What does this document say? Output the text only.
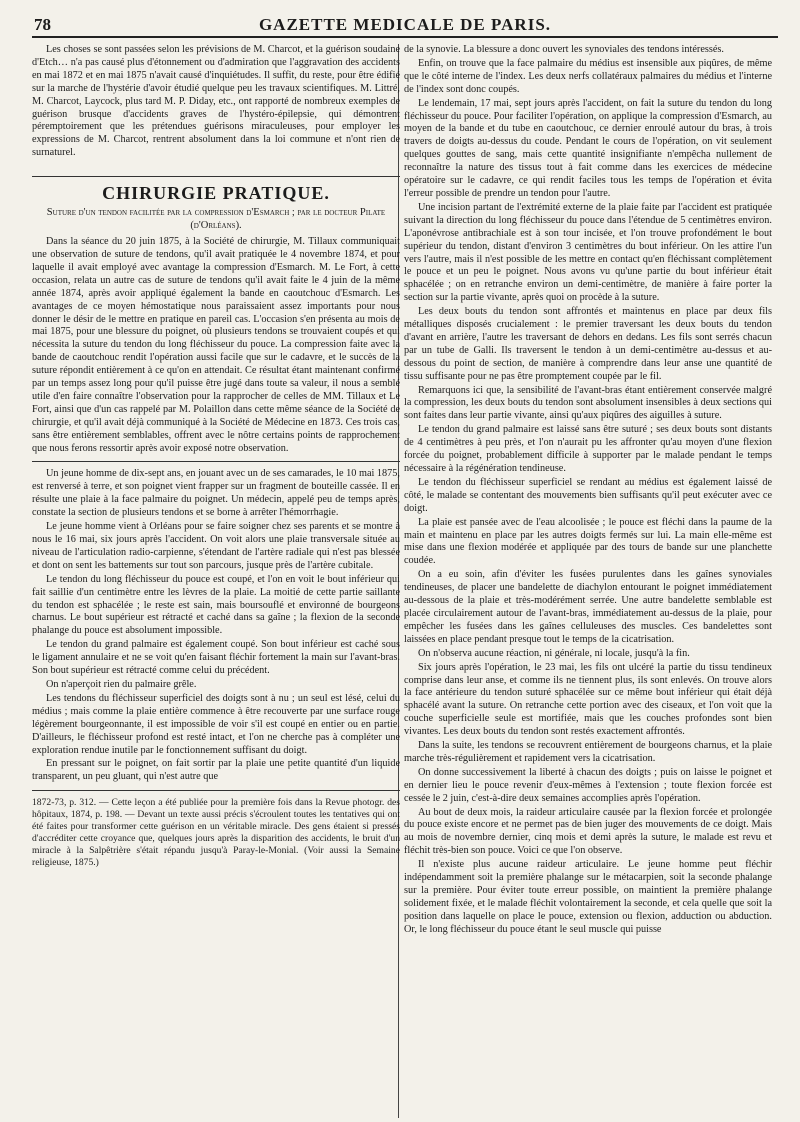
78	GAZETTE MEDICALE DE PARIS.

Les choses se sont passées selon les prévisions de M. Charcot, et la guérison soudaine d'Etch… n'a pas causé plus d'étonnement ou d'admiration que l'aggravation des accidents en mai 1872 et en mai 1875 n'avait causé d'inquiétudes. Il suffit, du reste, pour être édifié sur la marche de l'hystérie d'avoir étudié quelque peu les travaux scientifiques. M. Littré, M. Charcot, Laycock, plus tard M. P. Diday, etc., ont rapporté de nombreux exemples de guérison brusque d'accidents graves de l'hystéro-épilepsie, qui démontrent péremptoirement que les prétendues guérisons miraculeuses, pour employer les expressions de M. Charcot, rentrent absolument dans la loi commune et n'ont rien de surnaturel.

CHIRURGIE PRATIQUE.
Suture d'un tendon facilitée par la compression d'Esmarch ; par le docteur Pilate (d'Orléans).

Dans la séance du 20 juin 1875, à la Société de chirurgie, M. Tillaux communiquait une observation de suture de tendons, qu'il avait pratiquée le 4 novembre 1874, et pour laquelle il avait employé avec avantage la compression d'Esmarch. M. Le Fort, à cette occasion, relata un autre cas de suture de tendons qu'il avait faite le 4 juin de la même année 1874, après avoir appliqué également la bande en caoutchouc d'Esmarch. Les avantages de ce moyen hémostatique nous paraissaient assez importants pour nous donner le désir de le mettre en pratique en pareil cas. L'occasion s'en présenta au mois de mai 1875, pour une blessure du poignet, où plusieurs tendons se trouvaient coupés et qui nécessita la suture du tendon du long fléchisseur du pouce. La compression faite avec la bande de caoutchouc rendit l'opération aussi facile que sur le cadavre, et le succès de la suture répondit entièrement à ce qu'on en attendait. Ce résultat étant maintenant confirmé par un temps assez long pour qu'il puisse être jugé dans toute sa valeur, il nous a semblé utile d'en faire connaître l'observation pour la rapprocher de celles de MM. Tillaux et Le Fort, ainsi que d'un cas rappelé par M. Polaillon dans cette même séance de la Société de chirurgie, et qu'il avait déjà communiqué à la Société de Médecine en 1873. Ces trois cas, sans être entièrement semblables, offrent avec le nôtre certains points de rapprochement que nous ferons ressortir après avoir exposé notre observation.

Un jeune homme de dix-sept ans, en jouant avec un de ses camarades, le 10 mai 1875, est renversé à terre, et son poignet vient frapper sur un fragment de bouteille cassée. Il en résulte une plaie à la face palmaire du poignet. Un médecin, appelé peu de temps après, constate la section de plusieurs tendons et se borne à arrêter l'hémorrhagie.

Le jeune homme vient à Orléans pour se faire soigner chez ses parents et se montre à nous le 16 mai, six jours après l'accident. On voit alors une plaie transversale située au niveau de l'articulation radio-carpienne, s'étendant de l'artère radiale qui n'est pas blessée et dont on sent les battements sur tout son parcours, jusque près de l'artère cubitale.

Le tendon du long fléchisseur du pouce est coupé, et l'on en voit le bout inférieur qui fait saillie d'un centimètre entre les lèvres de la plaie. La moitié de cette partie saillante du tendon est sphacélée ; le reste est sain, mais boursouflé et environné de bourgeons charnus. Le bout supérieur est rétracté et caché dans sa gaîne ; la flexion de la seconde phalange du pouce est absolument impossible.

Le tendon du grand palmaire est également coupé. Son bout inférieur est caché sous le ligament annulaire et ne se voit qu'en faisant fléchir fortement la main sur l'avant-bras. Son bout supérieur est rétracté comme celui du précédent.

On n'aperçoit rien du palmaire grêle.

Les tendons du fléchisseur superficiel des doigts sont à nu ; un seul est lésé, celui du médius ; mais comme la plaie entière commence à être recouverte par une surface rouge légèrement bourgeonnante, il est impossible de voir s'il est coupé en entier ou en partie. D'ailleurs, le fléchisseur profond est resté intact, et l'on ne cherche pas à compléter une exploration rendue inutile par le fonctionnement suffisant du doigt.

En pressant sur le poignet, on fait sortir par la plaie une petite quantité d'un liquide transparent, un peu gluant, qui n'est autre que

1872-73, p. 312. — Cette leçon a été publiée pour la première fois dans la Revue photogr. des hôpitaux, 1874, p. 198. — Devant un texte aussi précis s'écroulent toutes les tentatives qui ont été faites pour transformer cette guérison en un véritable miracle. Des gens étaient si pressés d'accréditer cette croyance que, quelques jours après la disparition des accidents, le bruit d'un miracle à la Salpêtrière s'était répandu jusqu'à Paray-le-Monial. (Voir aussi la Semaine religieuse, 1875.)

de la synovie. La blessure a donc ouvert les synoviales des tendons intéressés.

Enfin, on trouve que la face palmaire du médius est insensible aux piqûres, de même que le côté interne de l'index. Les deux nerfs collatéraux palmaires du médius et l'interne de l'index sont donc coupés.

Le lendemain, 17 mai, sept jours après l'accident, on fait la suture du tendon du long fléchisseur du pouce. Pour faciliter l'opération, on applique la compression d'Esmarch, au moyen de la bande et du tube en caoutchouc, ce dernier enroulé autour du bras, à trois travers de doigts au-dessus du coude. Pendant le cours de l'opération, on vit seulement quelques gouttes de sang, mais cette quantité insignifiante n'empêcha nullement de reconnaître la nature des tissus tout à fait comme dans les exercices de médecine opératoire sur le cadavre, ce qui rendit faciles tous les temps de l'opération et évita l'erreur possible de prendre un tendon pour l'autre.

Une incision partant de l'extrémité externe de la plaie faite par l'accident est pratiquée suivant la direction du long fléchisseur du pouce dans l'étendue de 5 centimètres environ. L'aponévrose antibrachiale est à son tour incisée, et l'on trouve profondément le bout supérieur du tendon, distant d'environ 3 centimètres du bout inférieur. On les attire l'un vers l'autre, mais il n'est possible de les mettre en contact qu'en fléchissant complètement le pouce et un peu le poignet. Nous avons vu qu'une partie du bout inférieur était sphacélée ; on en retranche environ un demi-centimètre, de manière à faire porter la section sur la partie vivante, après quoi on procède à la suture.

Les deux bouts du tendon sont affrontés et maintenus en place par deux fils métalliques disposés crucialement : le premier traversant les deux bouts du tendon d'avant en arrière, l'autre les traversant de dehors en dedans. Les fils sont serrés chacun par un tube de Galli. Ils traversent le tendon à un demi-centimètre au-dessus et au-dessous du point de section, de manière à comprendre dans leur anse une quantité de tissu suffisante pour ne pas être promptement coupée par le fil.

Remarquons ici que, la sensibilité de l'avant-bras étant entièrement conservée malgré la compression, les deux bouts du tendon sont absolument insensibles à deux sections qui sont faites dans leur partie vivante, ainsi qu'aux piqûres des aiguilles à suture.

Le tendon du grand palmaire est laissé sans être suturé ; ses deux bouts sont distants de 4 centimètres à peu près, et l'on n'aurait pu les affronter qu'au moyen d'une flexion forcée du poignet, probablement difficile à supporter par le malade pendant le temps nécessaire à la régénération tendineuse.

Le tendon du fléchisseur superficiel se rendant au médius est également laissé de côté, le malade se contentant des mouvements bien suffisants qu'il peut exécuter avec ce doigt.

La plaie est pansée avec de l'eau alcoolisée ; le pouce est fléchi dans la paume de la main et maintenu en place par les autres doigts fermés sur lui. La main elle-même est mise dans une flexion modérée et appliquée par des tours de bande sur une planchette coudée.

On a eu soin, afin d'éviter les fusées purulentes dans les gaînes synoviales tendineuses, de placer une bandelette de diachylon entourant le poignet immédiatement au-dessous de la plaie et très-modérément serrée. Une autre bandelette semblable est placée circulairement autour de l'avant-bras, immédiatement au-dessus de la plaie, pour empêcher les fusées dans les gaînes celluleuses des muscles. Ces bandelettes sont laissées en place pendant presque tout le temps de la cicatrisation.

On n'observa aucune réaction, ni générale, ni locale, jusqu'à la fin.

Six jours après l'opération, le 23 mai, les fils ont ulcéré la partie du tissu tendineux comprise dans leur anse, et comme ils ne tiennent plus, ils sont enlevés. On trouve alors la face antérieure du tendon suturé sphacélée sur ce même bout inférieur qui était déjà sphacélé avant la suture. On retranche cette portion avec des ciseaux, et l'on voit que la couche superficielle seule est mortifiée, mais que les couches profondes sont bien vivantes. Les deux bouts du tendon sont restés exactement affrontés.

Dans la suite, les tendons se recouvrent entièrement de bourgeons charnus, et la plaie marche très-régulièrement et rapidement vers la cicatrisation.

On donne successivement la liberté à chacun des doigts ; puis on laisse le poignet et en dernier lieu le pouce revenir d'eux-mêmes à l'extension ; toute flexion forcée est cessée le 2 juin, c'est-à-dire deux semaines accomplies après l'opération.

Au bout de deux mois, la raideur articulaire causée par la flexion forcée et prolongée du pouce existe encore et ne permet pas de bien juger des mouvements de ce doigt. Mais au mois de novembre dernier, cinq mois et demi après la suture, le malade est revu et fléchit très-bien son pouce. Voici ce que l'on observe.

Il n'existe plus aucune raideur articulaire. Le jeune homme peut fléchir indépendamment soit la première phalange sur le métacarpien, soit la seconde phalange sur la première. Pour éviter toute erreur possible, on maintient la première phalange solidement fixée, et le malade fléchit volontairement la seconde, et cela quelle que soit la position dans laquelle on place le pouce, extension ou flexion, adduction ou abduction. Or, le long fléchisseur du pouce étant le seul muscle qui puisse
